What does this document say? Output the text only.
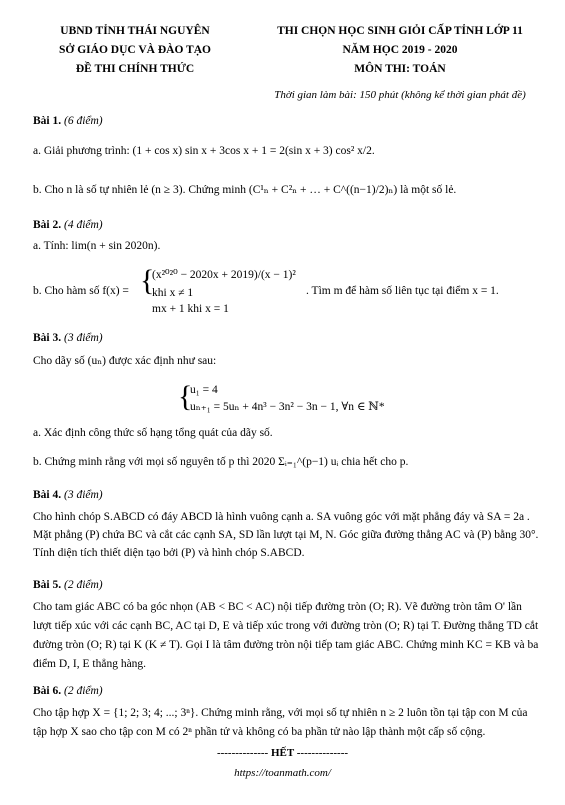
UBND TỈNH THÁI NGUYÊN
SỞ GIÁO DỤC VÀ ĐÀO TẠO
ĐỀ THI CHÍNH THỨC
THI CHỌN HỌC SINH GIỎI CẤP TỈNH LỚP 11
NĂM HỌC 2019 - 2020
MÔN THI: TOÁN
Thời gian làm bài: 150 phút (không kể thời gian phát đề)
Bài 1. (6 điểm)
a. Giải phương trình: (1 + cos x) sin x + 3cos x + 1 = 2(sin x + 3) cos² x/2.
b. Cho n là số tự nhiên lẻ (n ≥ 3). Chứng minh (C¹ₙ + C²ₙ + … + C^((n−1)/2)ₙ) là một số lẻ.
Bài 2. (4 điểm)
a. Tính: lim(n + sin 2020n).
b. Cho hàm số f(x) = {
(x²⁰²⁰ − 2020x + 2019)/(x − 1)² khi x ≠ 1
mx + 1 khi x = 1
. Tìm m để hàm số liên tục tại điểm x = 1.
Bài 3. (3 điểm)
Cho dãy số (uₙ) được xác định như sau:
{
u₁ = 4
uₙ₊₁ = 5uₙ + 4n³ − 3n² − 3n − 1, ∀n ∈ ℕ*
a. Xác định công thức số hạng tổng quát của dãy số.
b. Chứng minh rằng với mọi số nguyên tố p thì 2020 Σᵢ₌₁^(p−1) uᵢ chia hết cho p.
Bài 4. (3 điểm)
Cho hình chóp S.ABCD có đáy ABCD là hình vuông cạnh a. SA vuông góc với mặt phẳng đáy và SA = 2a . Mặt phẳng (P) chứa BC và cắt các cạnh SA, SD lần lượt tại M, N. Góc giữa đường thẳng AC và (P) bằng 30°. Tính diện tích thiết diện tạo bởi (P) và hình chóp S.ABCD.
Bài 5. (2 điểm)
Cho tam giác ABC có ba góc nhọn (AB < BC < AC) nội tiếp đường tròn (O; R). Vẽ đường tròn tâm O' lần lượt tiếp xúc với các cạnh BC, AC tại D, E và tiếp xúc trong với đường tròn (O; R) tại T. Đường thẳng TD cắt đường tròn (O; R) tại K (K ≠ T). Gọi I là tâm đường tròn nội tiếp tam giác ABC. Chứng minh KC = KB và ba điểm D, I, E thẳng hàng.
Bài 6. (2 điểm)
Cho tập hợp X = {1; 2; 3; 4; ...; 3ⁿ}. Chứng minh rằng, với mọi số tự nhiên n ≥ 2 luôn tồn tại tập con M của tập hợp X sao cho tập con M có 2ⁿ phần tử và không có ba phần tử nào lập thành một cấp số cộng.
-------------- HẾT --------------
https://toanmath.com/
